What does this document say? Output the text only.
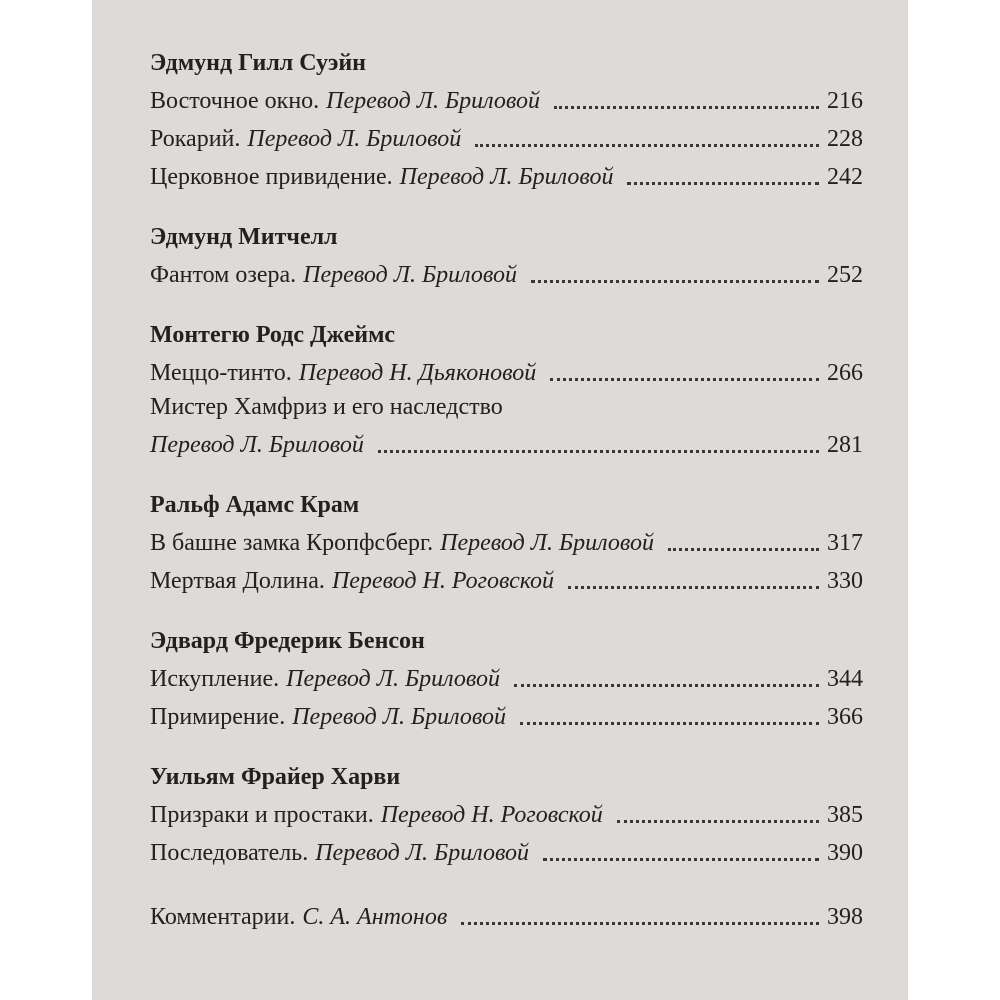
Эдмунд Гилл Суэйн
Восточное окно. Перевод Л. Бриловой	216
Рокарий. Перевод Л. Бриловой	228
Церковное привидение. Перевод Л. Бриловой	242
Эдмунд Митчелл
Фантом озера. Перевод Л. Бриловой	252
Монтегю Родс Джеймс
Меццо-тинто. Перевод Н. Дьяконовой	266
Мистер Хамфриз и его наследство
Перевод Л. Бриловой	281
Ральф Адамс Крам
В башне замка Кропфсберг. Перевод Л. Бриловой	317
Мертвая Долина. Перевод Н. Роговской	330
Эдвард Фредерик Бенсон
Искупление. Перевод Л. Бриловой	344
Примирение. Перевод Л. Бриловой	366
Уильям Фрайер Харви
Призраки и простаки. Перевод Н. Роговской	385
Последователь. Перевод Л. Бриловой	390
Комментарии. С. А. Антонов	398
